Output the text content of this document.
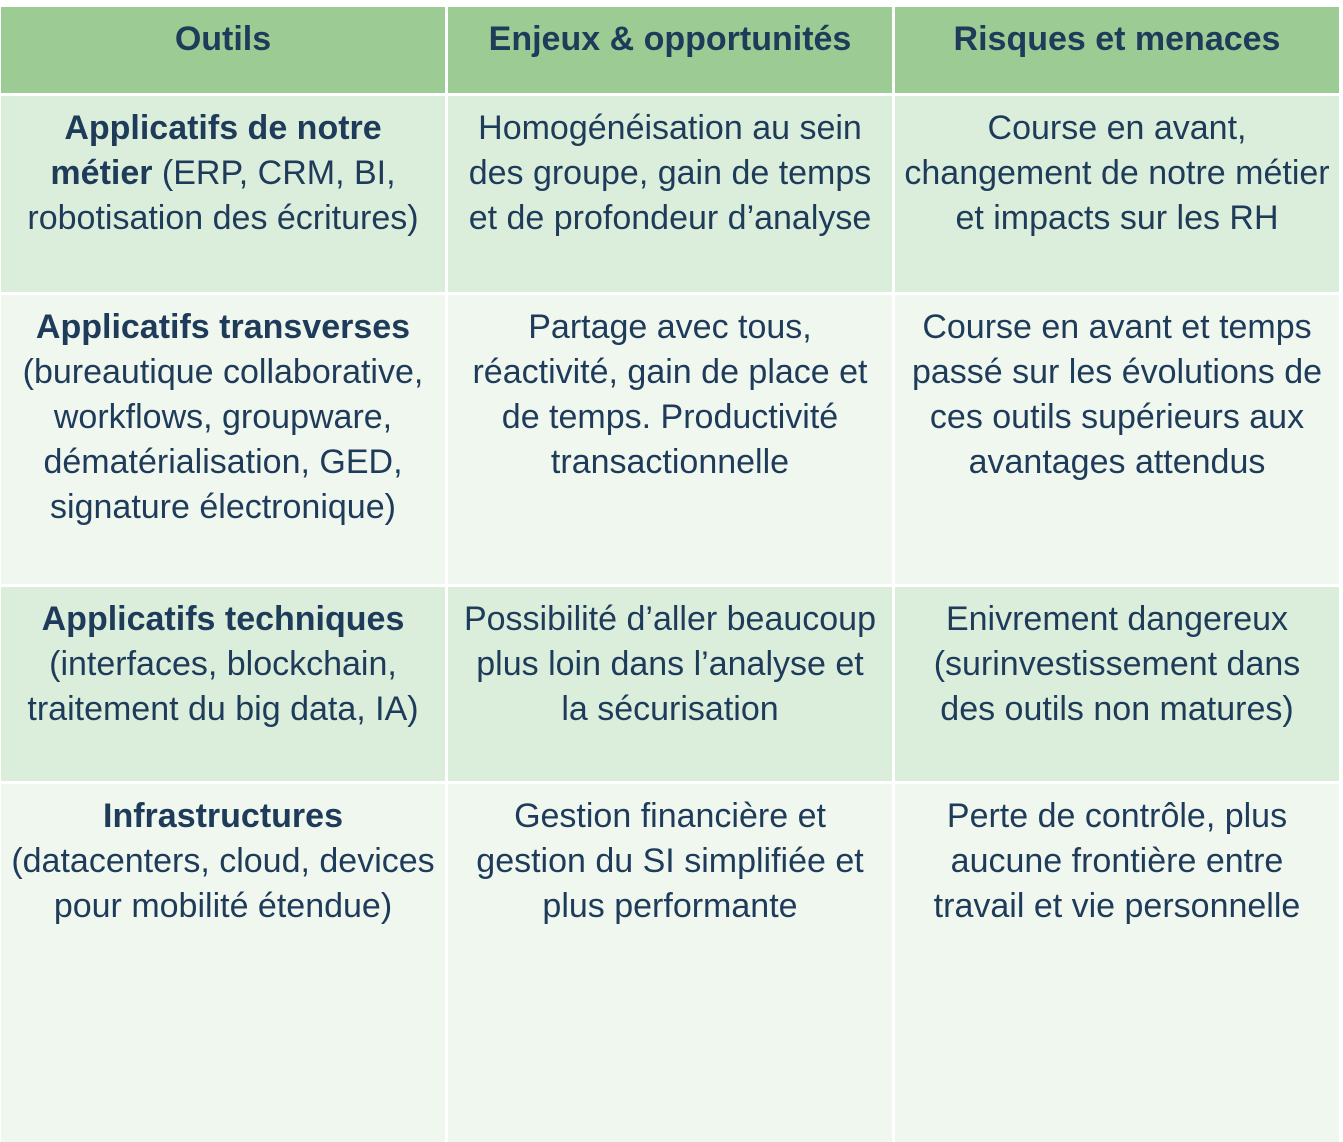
Outils	Enjeux & opportunités	Risques et menaces
Applicatifs de notre métier (ERP, CRM, BI, robotisation des écritures)
Homogénéisation au sein des groupe, gain de temps et de profondeur d’analyse
Course en avant, changement de notre métier et impacts sur les RH
Applicatifs transverses (bureautique collaborative, workflows, groupware, dématérialisation, GED, signature électronique)
Partage avec tous, réactivité, gain de place et de temps. Productivité transactionnelle
Course en avant et temps passé sur les évolutions de ces outils supérieurs aux avantages attendus
Applicatifs techniques (interfaces, blockchain, traitement du big data, IA)
Possibilité d’aller beaucoup plus loin dans l’analyse et la sécurisation
Enivrement dangereux (surinvestissement dans des outils non matures)
Infrastructures (datacenters, cloud, devices pour mobilité étendue)
Gestion financière et gestion du SI simplifiée et plus performante
Perte de contrôle, plus aucune frontière entre travail et vie personnelle
